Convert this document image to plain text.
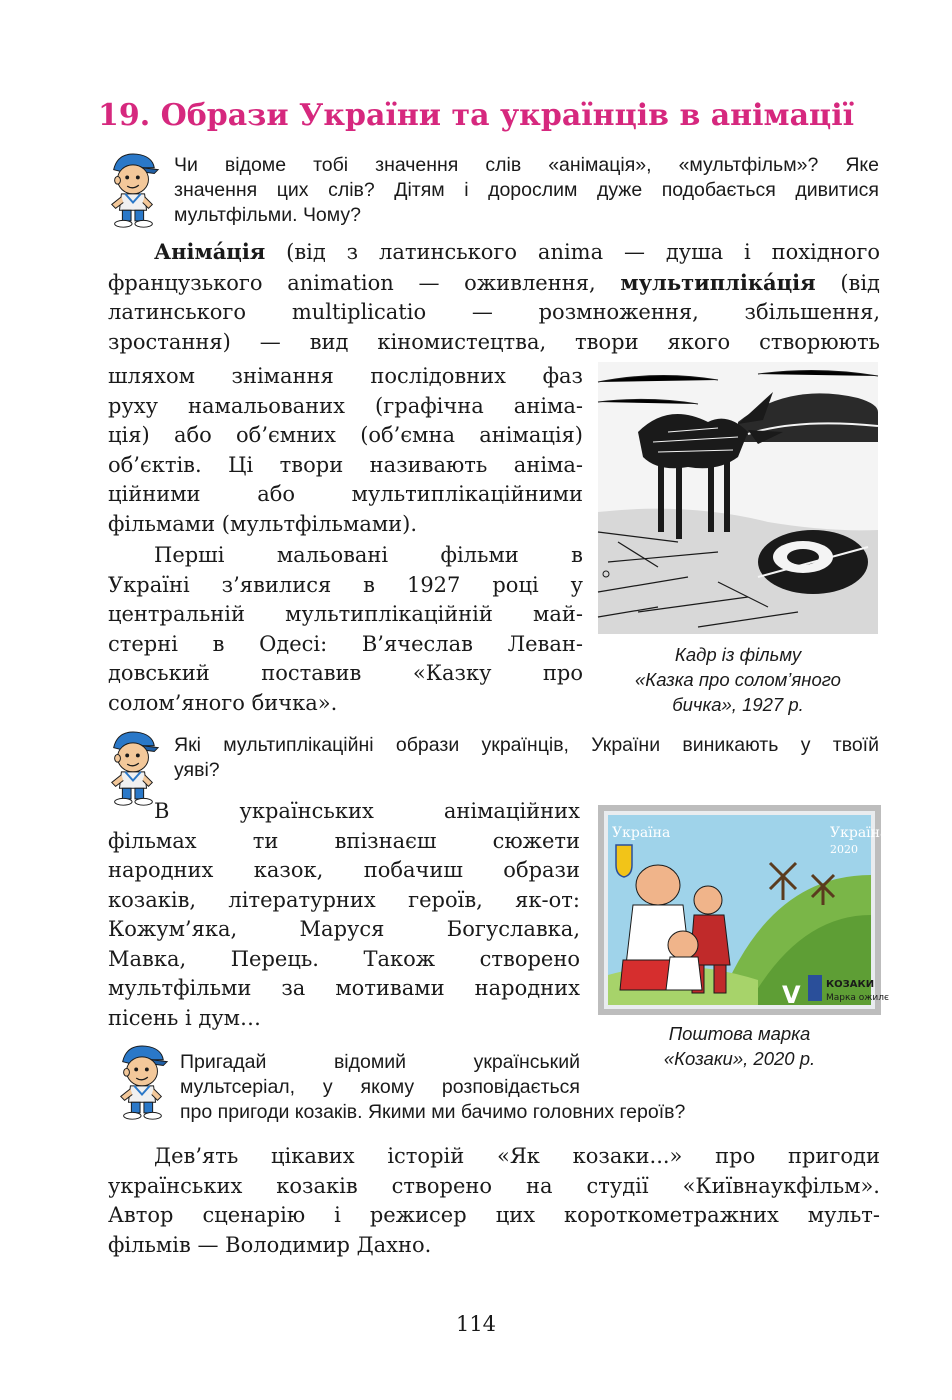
19. Образи України та українців в анімації
Чи відоме тобі значення слів «анімація», «мультфільм»? Яке
значення цих слів? Дітям і дорослим дуже подобається дивитися
мультфільми. Чому?
Аніма́ція (від з латинського anima — душа і похідного
французького animation — оживлення, мультиплiка́ція (від
латинського multiplicatio — розмноження, збільшення,
зростання) — вид кіномистецтва, твори якого створюють
шляхом знімання послідовних фаз
руху намальованих (графічна аніма-
ція) або об’ємних (об’ємна анімація)
об’єктів. Ці твори називають аніма-
ційними або мультиплікаційними
фільмами (мультфільмами).
Перші мальовані фільми в
Україні з’явилися в 1927 році у
центральній мультиплікаційній май-
стерні в Одесі: В’ячеслав Леван-
довський поставив «Казку про
солом’яного бичка».
Кадр із фільму
«Казка про солом’яного
бичка», 1927 р.
Які мультиплікаційні образи українців, України виникають у твоїй
уяві?
В українських анімаційних
фільмах ти впізнаєш сюжети
народних казок, побачиш образи
козаків, літературних героїв, як-от:
Кожум’яка, Маруся Богуславка,
Мавка, Перець. Також створено
мультфільми за мотивами народних
пісень і дум…
Україна	Україна
2020
V	КОЗАКИ
Марка ожилє
Поштова марка
«Козаки», 2020 р.
Пригадай відомий український
мультсеріал, у якому розповідається
про пригоди козаків. Якими ми бачимо головних героїв?
Дев’ять цікавих історій «Як козаки...» про пригоди
українських козаків створено на студії «Київнаукфільм».
Автор сценарію і режисер цих короткометражних мульт-
фільмів — Володимир Дахно.
114
